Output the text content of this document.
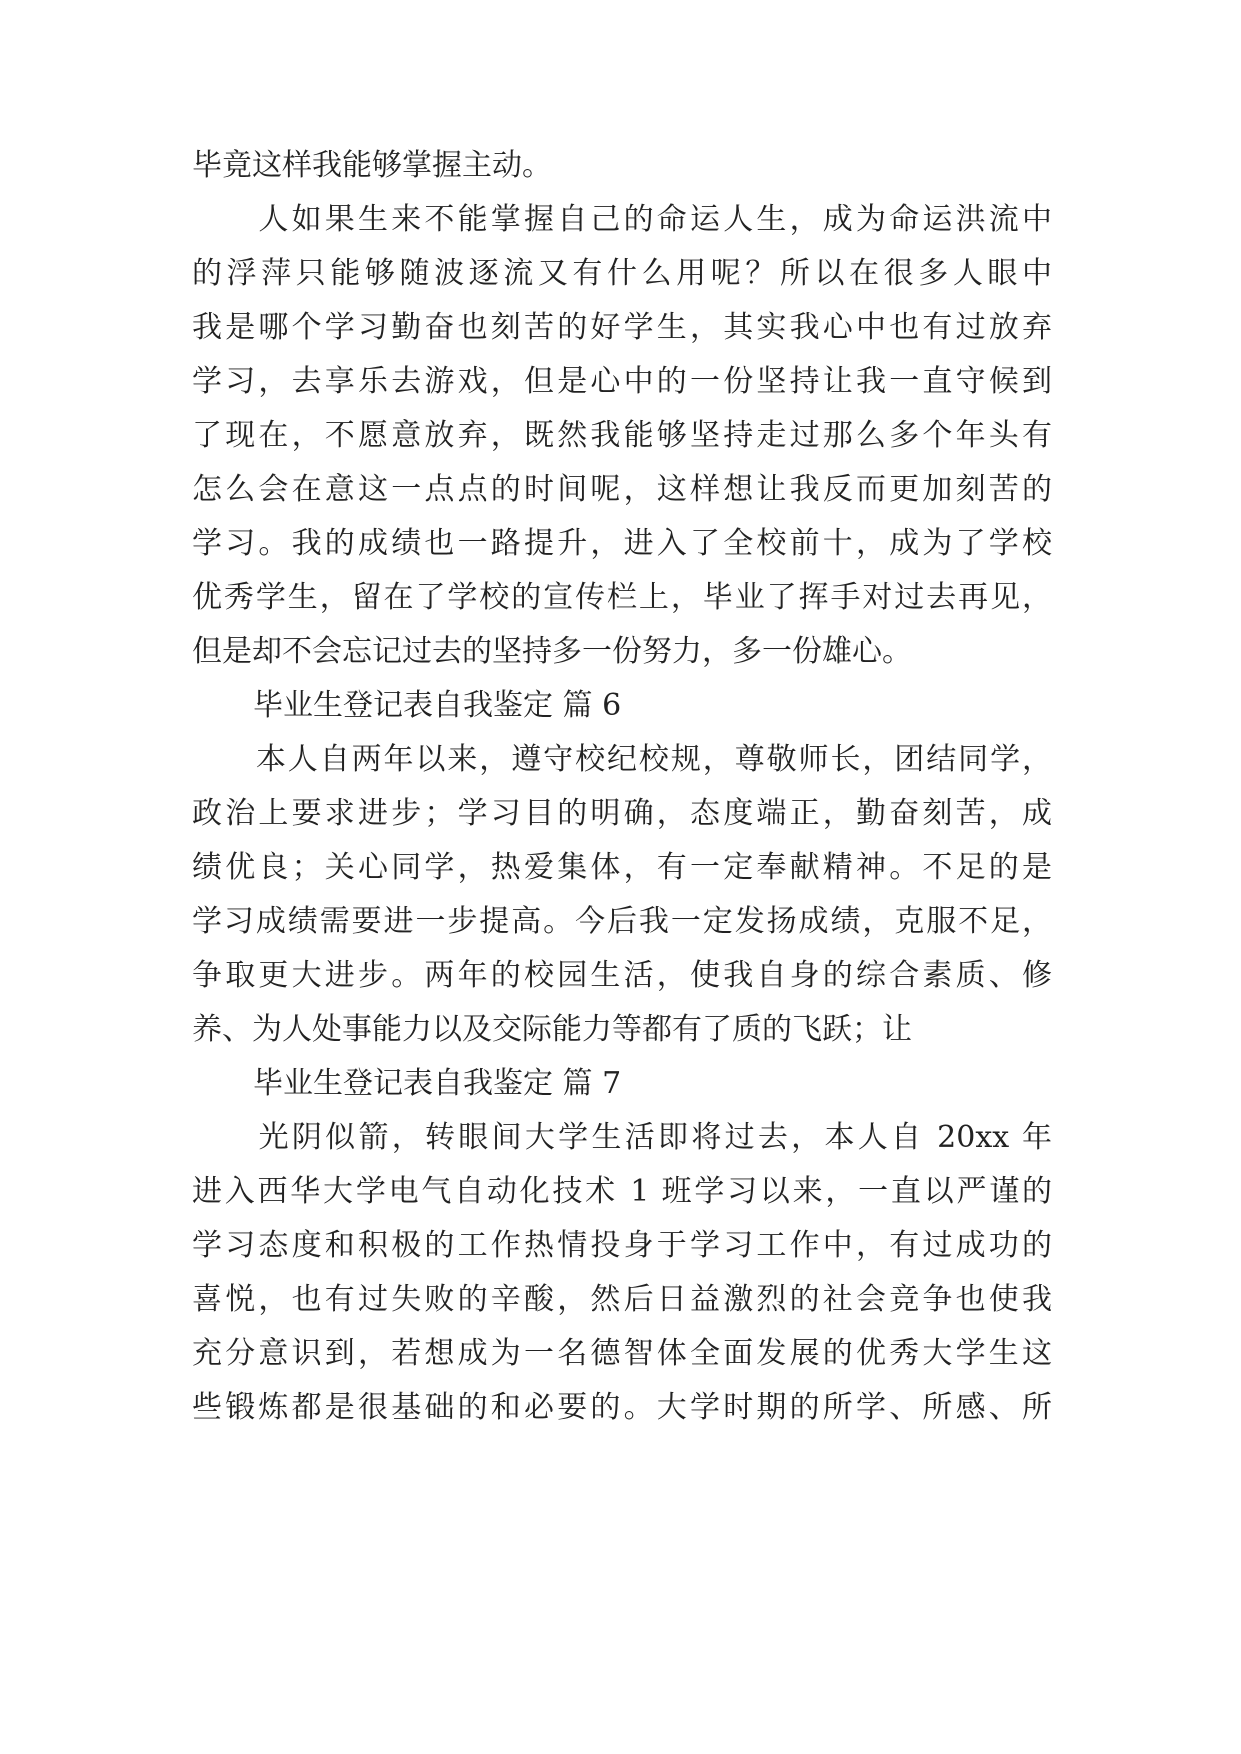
毕竟这样我能够掌握主动。
　　人如果生来不能掌握自己的命运人生，成为命运洪流中
的浮萍只能够随波逐流又有什么用呢？所以在很多人眼中
我是哪个学习勤奋也刻苦的好学生，其实我心中也有过放弃
学习，去享乐去游戏，但是心中的一份坚持让我一直守候到
了现在，不愿意放弃，既然我能够坚持走过那么多个年头有
怎么会在意这一点点的时间呢，这样想让我反而更加刻苦的
学习。我的成绩也一路提升，进入了全校前十，成为了学校
优秀学生，留在了学校的宣传栏上，毕业了挥手对过去再见，
但是却不会忘记过去的坚持多一份努力，多一份雄心。
毕业生登记表自我鉴定 篇 6
　　本人自两年以来，遵守校纪校规，尊敬师长，团结同学，
政治上要求进步；学习目的明确，态度端正，勤奋刻苦，成
绩优良；关心同学，热爱集体，有一定奉献精神。不足的是
学习成绩需要进一步提高。今后我一定发扬成绩，克服不足，
争取更大进步。两年的校园生活，使我自身的综合素质、修
养、为人处事能力以及交际能力等都有了质的飞跃；让
毕业生登记表自我鉴定 篇 7
　　光阴似箭，转眼间大学生活即将过去，本人自 20xx 年
进入西华大学电气自动化技术 1 班学习以来，一直以严谨的
学习态度和积极的工作热情投身于学习工作中，有过成功的
喜悦，也有过失败的辛酸，然后日益激烈的社会竞争也使我
充分意识到，若想成为一名德智体全面发展的优秀大学生这
些锻炼都是很基础的和必要的。大学时期的所学、所感、所
